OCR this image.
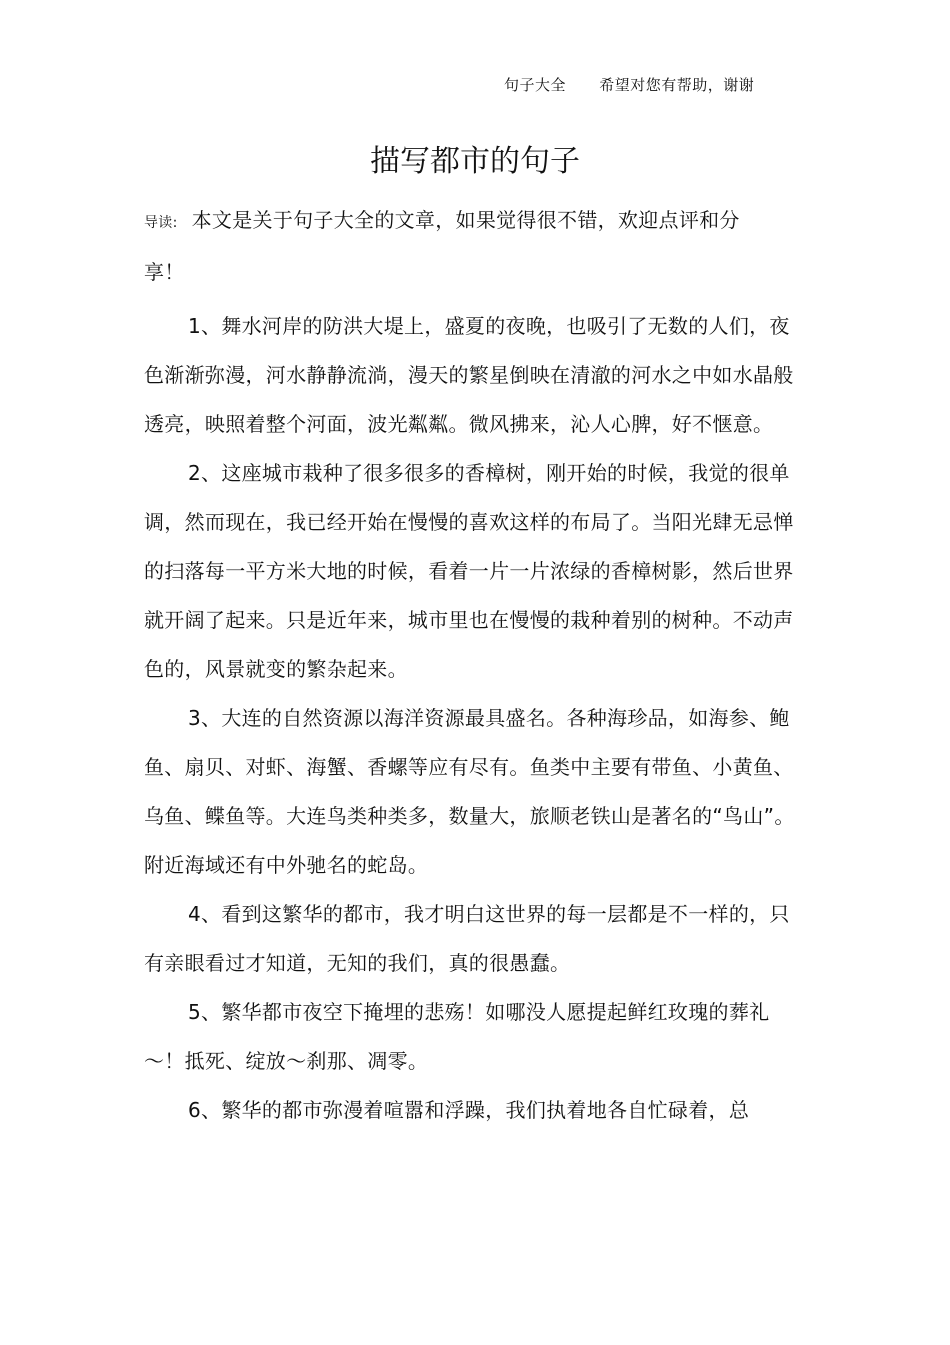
句子大全 希望对您有帮助，谢谢
描写都市的句子

导读: 本文是关于句子大全的文章，如果觉得很不错，欢迎点评和分享！

1、舞水河岸的防洪大堤上，盛夏的夜晚，也吸引了无数的人们，夜色渐渐弥漫，河水静静流淌，漫天的繁星倒映在清澈的河水之中如水晶般透亮，映照着整个河面，波光粼粼。微风拂来，沁人心脾，好不惬意。

2、这座城市栽种了很多很多的香樟树，刚开始的时候，我觉的很单调，然而现在，我已经开始在慢慢的喜欢这样的布局了。当阳光肆无忌惮的扫落每一平方米大地的时候，看着一片一片浓绿的香樟树影，然后世界就开阔了起来。只是近年来，城市里也在慢慢的栽种着别的树种。不动声色的，风景就变的繁杂起来。

3、大连的自然资源以海洋资源最具盛名。各种海珍品，如海参、鲍鱼、扇贝、对虾、海蟹、香螺等应有尽有。鱼类中主要有带鱼、小黄鱼、乌鱼、鲽鱼等。大连鸟类种类多，数量大，旅顺老铁山是著名的“鸟山”。附近海域还有中外驰名的蛇岛。

4、看到这繁华的都市，我才明白这世界的每一层都是不一样的，只有亲眼看过才知道，无知的我们，真的很愚蠢。

5、繁华都市夜空下掩埋的悲殇！如哪没人愿提起鲜红玫瑰的葬礼～！抵死、绽放～刹那、凋零。

6、繁华的都市弥漫着喧嚣和浮躁，我们执着地各自忙碌着，总
